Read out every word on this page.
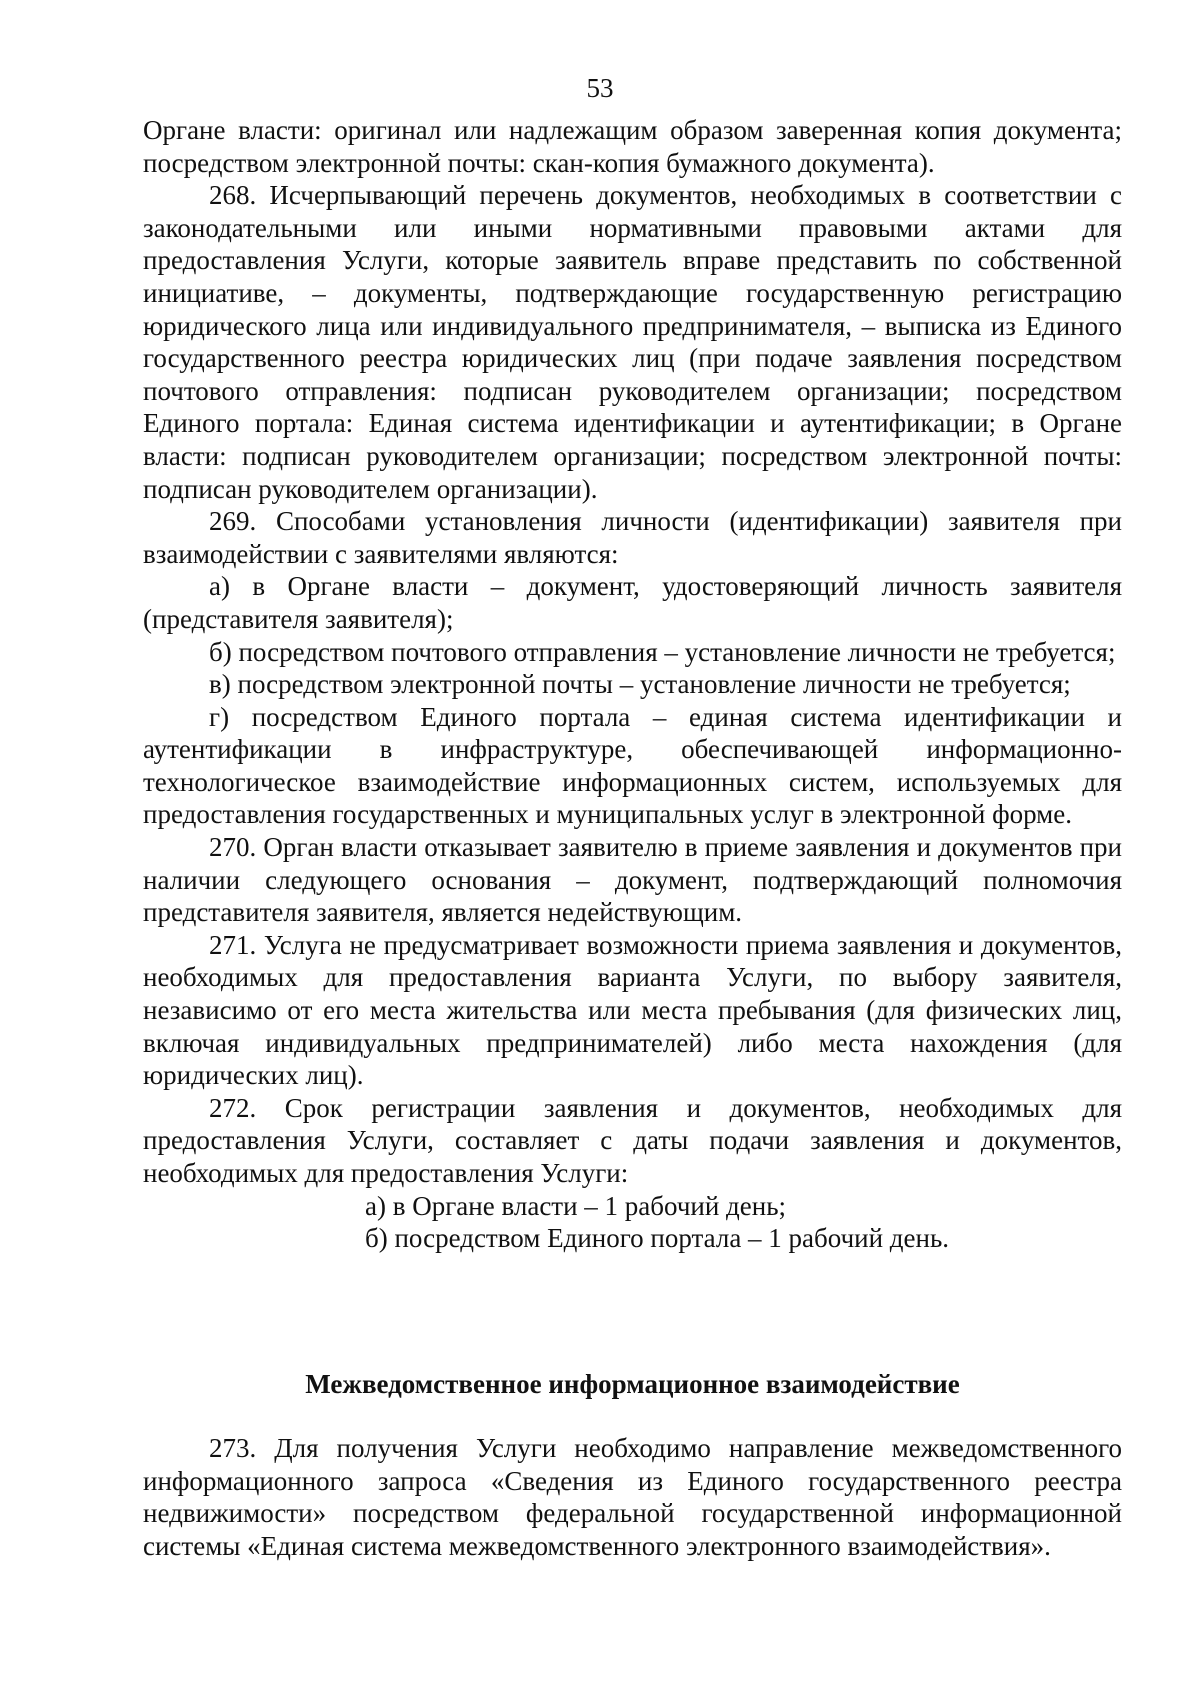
53

Органе власти: оригинал или надлежащим образом заверенная копия документа; посредством электронной почты: скан-копия бумажного документа).

268. Исчерпывающий перечень документов, необходимых в соответствии с законодательными или иными нормативными правовыми актами для предоставления Услуги, которые заявитель вправе представить по собственной инициативе, – документы, подтверждающие государственную регистрацию юридического лица или индивидуального предпринимателя, – выписка из Единого государственного реестра юридических лиц (при подаче заявления посредством почтового отправления: подписан руководителем организации; посредством Единого портала: Единая система идентификации и аутентификации; в Органе власти: подписан руководителем организации; посредством электронной почты: подписан руководителем организации).

269. Способами установления личности (идентификации) заявителя при взаимодействии с заявителями являются:

а) в Органе власти – документ, удостоверяющий личность заявителя (представителя заявителя);

б) посредством почтового отправления – установление личности не требуется;

в) посредством электронной почты – установление личности не требуется;

г) посредством Единого портала – единая система идентификации и аутентификации в инфраструктуре, обеспечивающей информационно-технологическое взаимодействие информационных систем, используемых для предоставления государственных и муниципальных услуг в электронной форме.

270. Орган власти отказывает заявителю в приеме заявления и документов при наличии следующего основания – документ, подтверждающий полномочия представителя заявителя, является недействующим.

271. Услуга не предусматривает возможности приема заявления и документов, необходимых для предоставления варианта Услуги, по выбору заявителя, независимо от его места жительства или места пребывания (для физических лиц, включая индивидуальных предпринимателей) либо места нахождения (для юридических лиц).

272. Срок регистрации заявления и документов, необходимых для предоставления Услуги, составляет с даты подачи заявления и документов, необходимых для предоставления Услуги:

а) в Органе власти – 1 рабочий день;

б) посредством Единого портала – 1 рабочий день.

Межведомственное информационное взаимодействие

273. Для получения Услуги необходимо направление межведомственного информационного запроса «Сведения из Единого государственного реестра недвижимости» посредством федеральной государственной информационной системы «Единая система межведомственного электронного взаимодействия».
